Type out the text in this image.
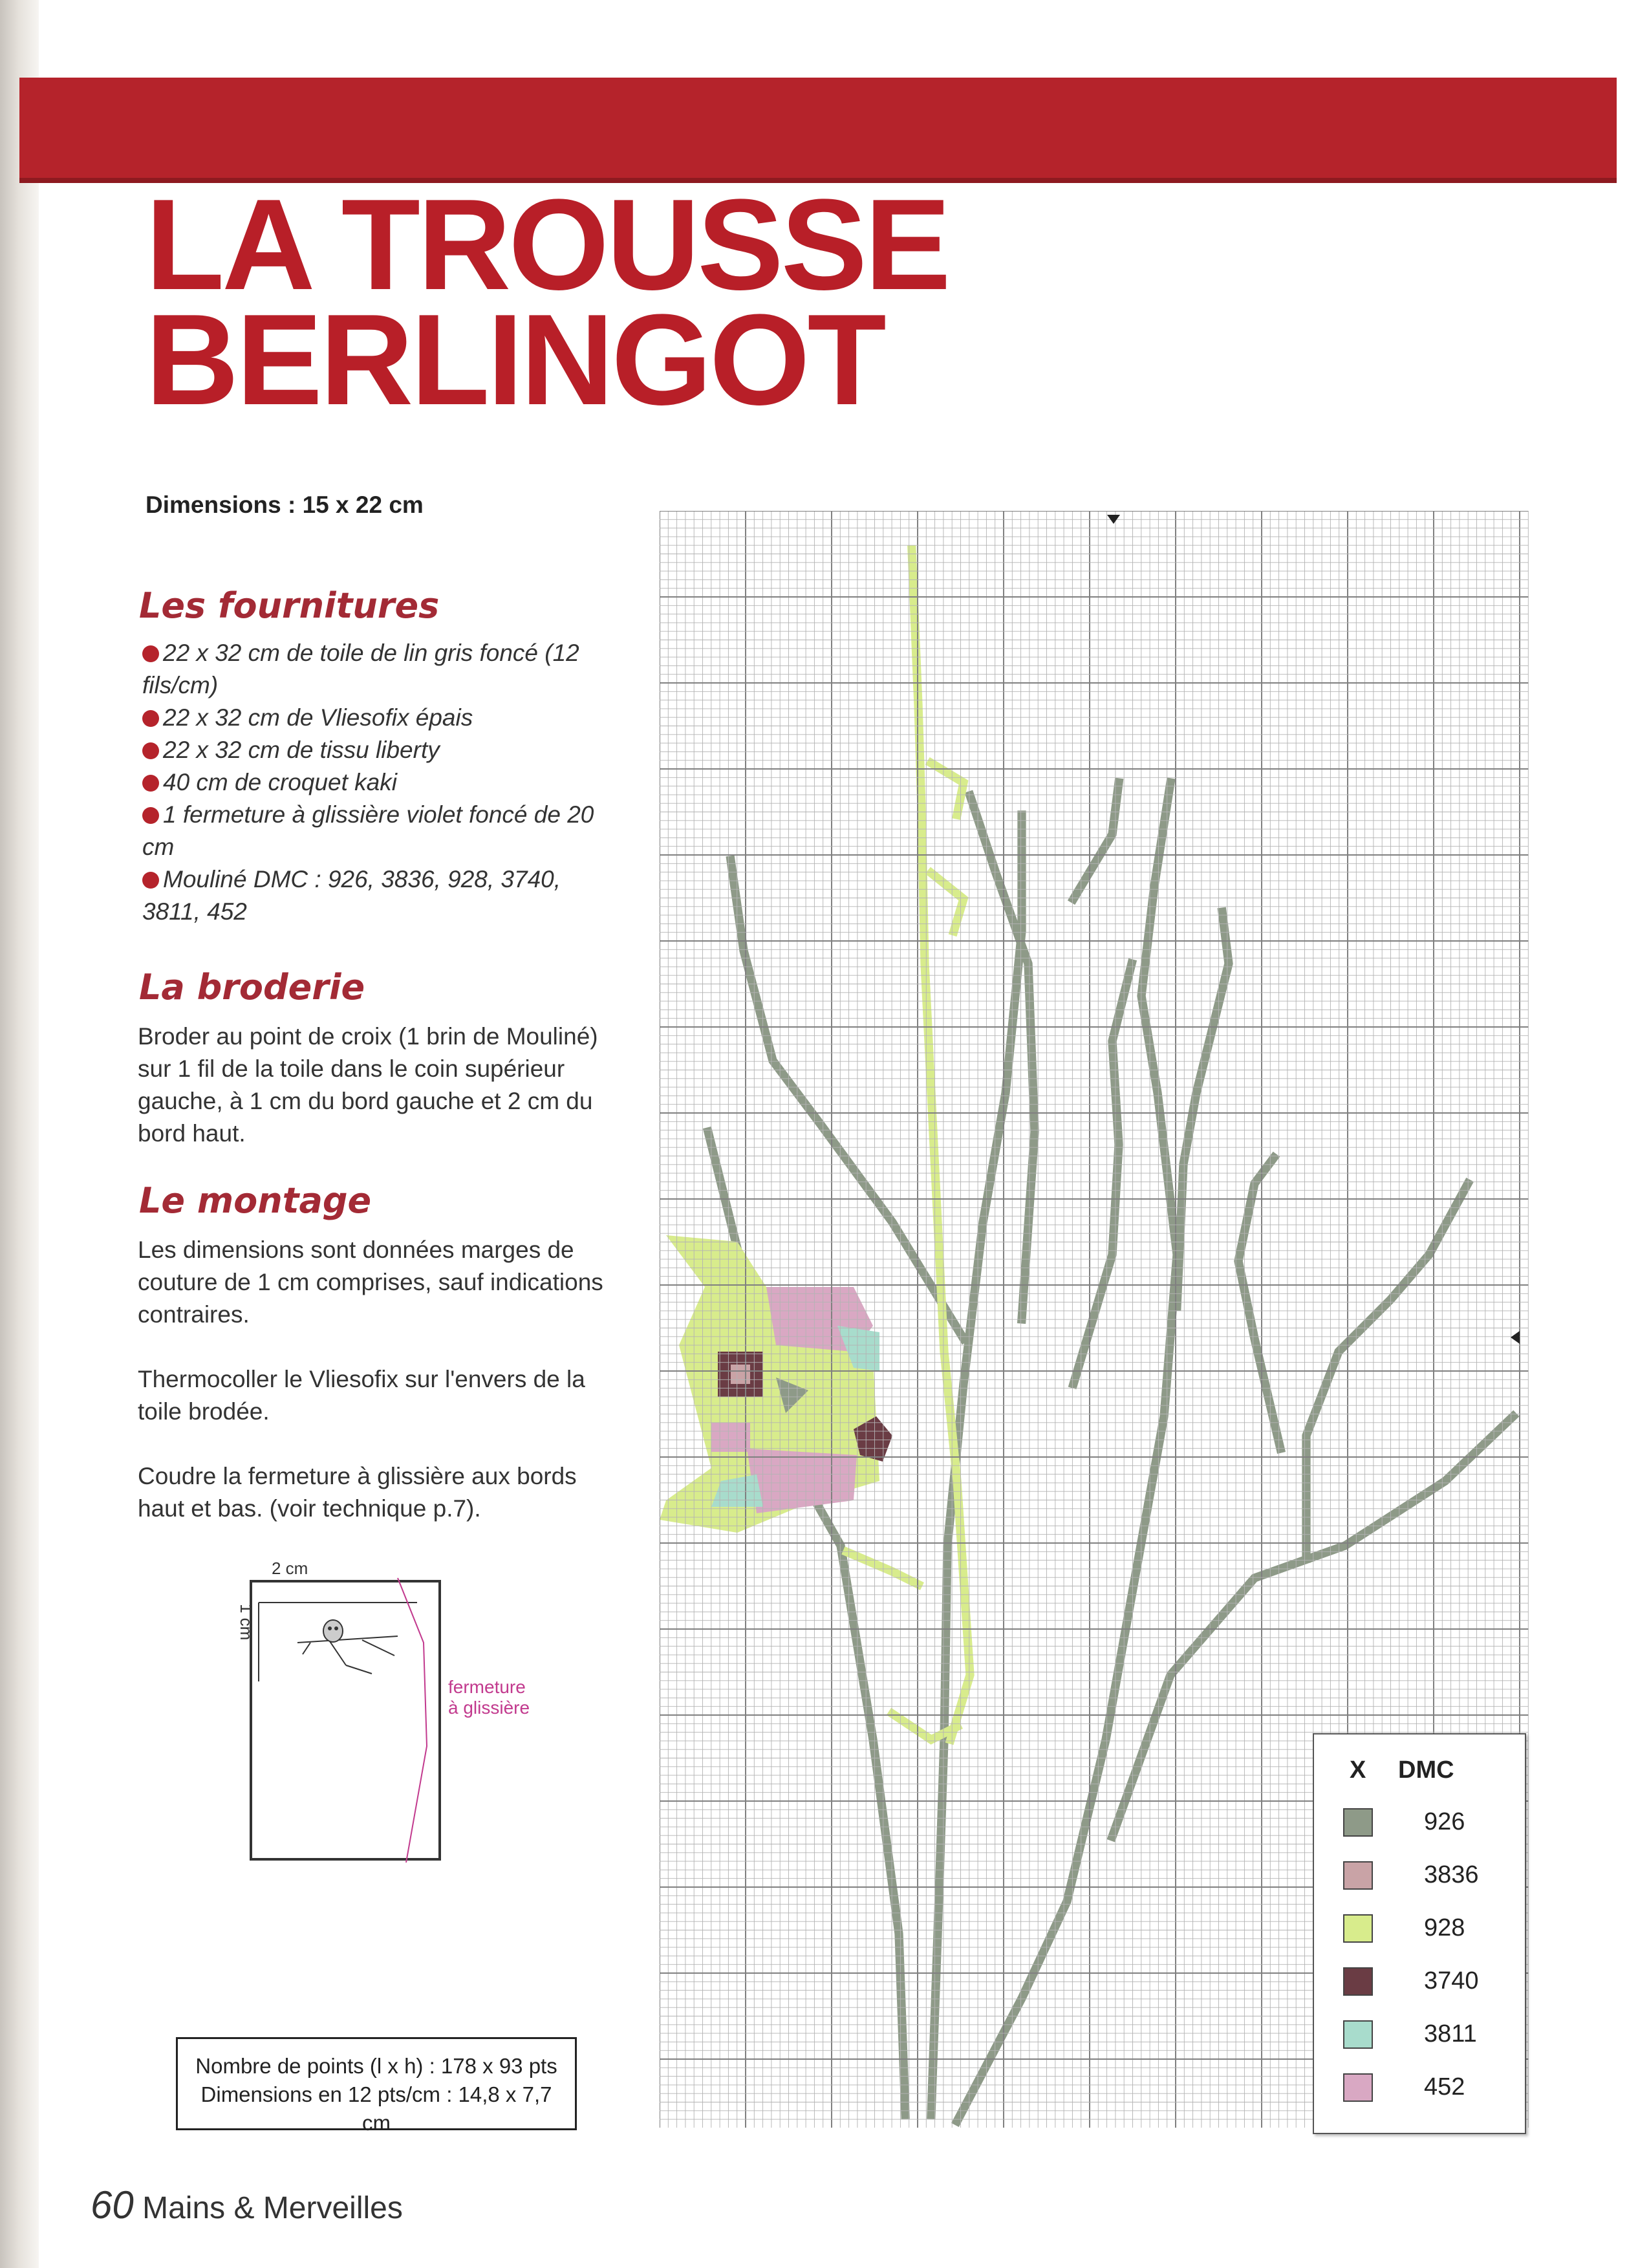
LA TROUSSE
BERLINGOT
Dimensions : 15 x 22 cm
Les fournitures
22 x 32 cm de toile de lin gris foncé (12 fils/cm)
22 x 32 cm de Vliesofix épais
22 x 32 cm de tissu liberty
40 cm de croquet kaki
1 fermeture à glissière violet foncé de 20 cm
Mouliné DMC : 926, 3836, 928, 3740, 3811, 452
La broderie

Broder au point de croix (1 brin de Mouliné) sur 1 fil de la toile dans le coin supérieur gauche, à 1 cm du bord gauche et 2 cm du bord haut.

Le montage

Les dimensions sont données marges de couture de 1 cm comprises, sauf indications contraires.

Thermocoller le Vliesofix sur l'envers de la toile brodée.

Coudre la fermeture à glissière aux bords haut et bas. (voir technique p.7).

2 cm
1 cm
fermeture
à glissière
Nombre de points (l x h) : 178 x 93 pts
Dimensions en 12 pts/cm : 14,8 x 7,7 cm
60 Mains & Merveilles
X DMC
926
3836
928
3740
3811
452
